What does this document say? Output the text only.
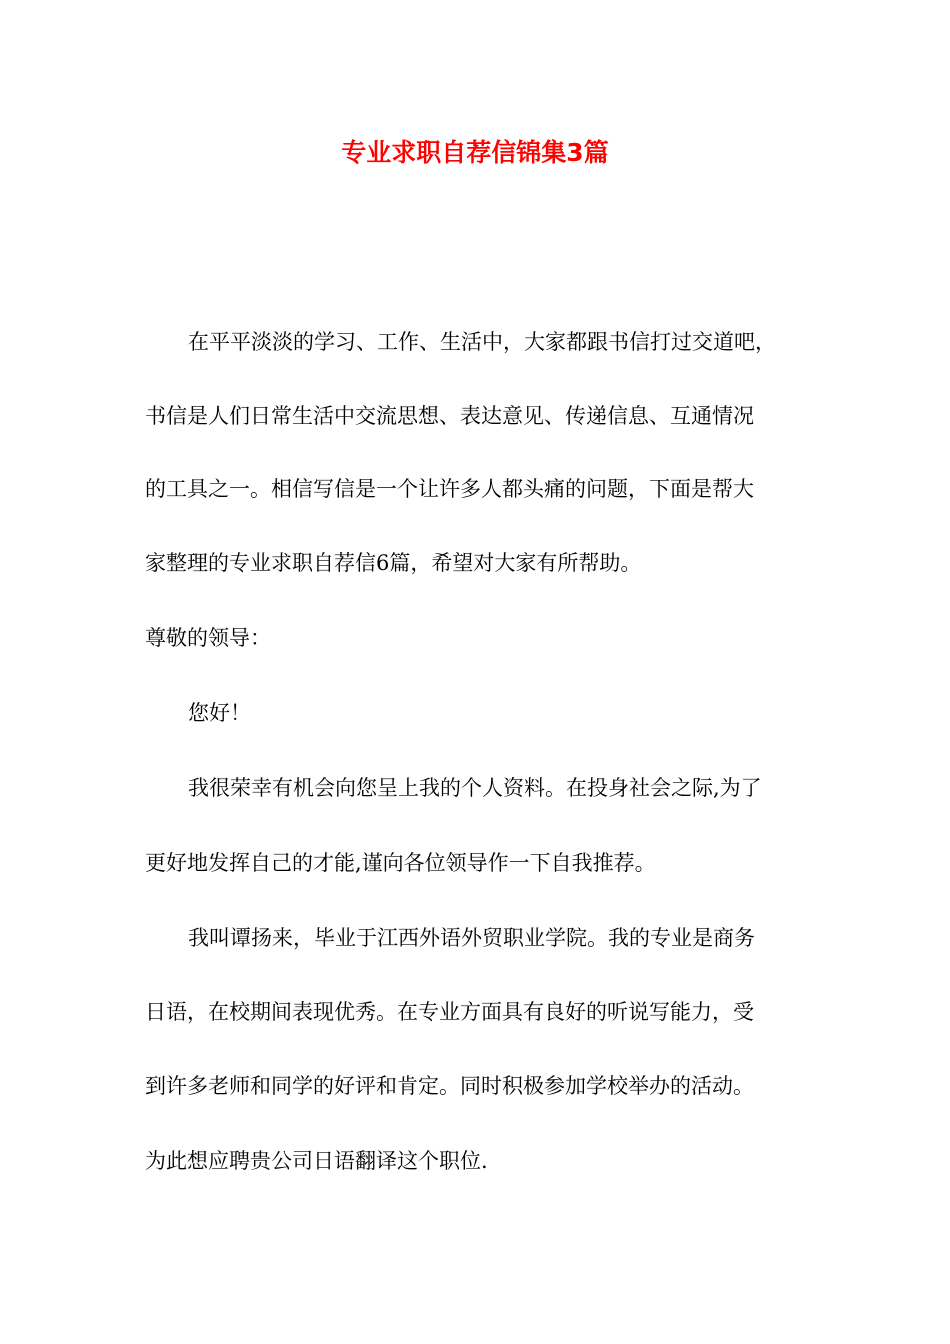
专业求职自荐信锦集3篇
在平平淡淡的学习、工作、生活中，大家都跟书信打过交道吧，
书信是人们日常生活中交流思想、表达意见、传递信息、互通情况
的工具之一。相信写信是一个让许多人都头痛的问题，下面是帮大
家整理的专业求职自荐信6篇，希望对大家有所帮助。
尊敬的领导：
您好！
我很荣幸有机会向您呈上我的个人资料。在投身社会之际,为了
更好地发挥自己的才能,谨向各位领导作一下自我推荐。
我叫谭扬来，毕业于江西外语外贸职业学院。我的专业是商务
日语，在校期间表现优秀。在专业方面具有良好的听说写能力，受
到许多老师和同学的好评和肯定。同时积极参加学校举办的活动。
为此想应聘贵公司日语翻译这个职位.
